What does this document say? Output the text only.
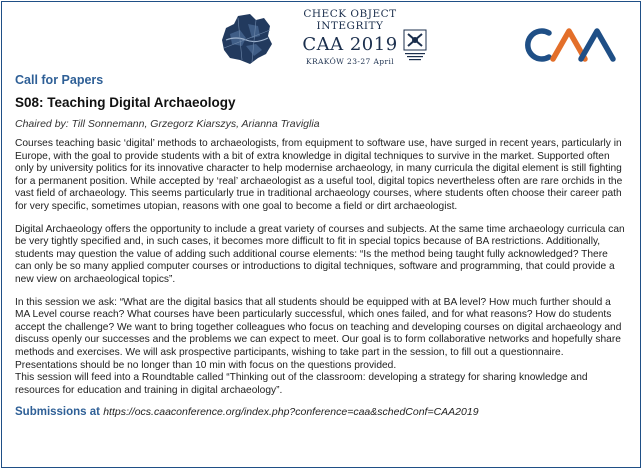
CHECK OBJECT INTEGRITY
CAA 2019
KRAKÓW 23-27 April

Call for Papers

S08: Teaching Digital Archaeology

Chaired by: Till Sonnemann, Grzegorz Kiarszys, Arianna Traviglia

Courses teaching basic ‘digital’ methods to archaeologists, from equipment to software use, have surged in recent years, particularly in Europe, with the goal to provide students with a bit of extra knowledge in digital techniques to survive in the market. Supported often only by university politics for its innovative character to help modernise archaeology, in many curricula the digital element is still fighting for a permanent position. While accepted by ‘real’ archaeologist as a useful tool, digital topics nevertheless often are rare orchids in the vast field of archaeology. This seems particularly true in traditional archaeology courses, where students often choose their career path for very specific, sometimes utopian, reasons with one goal to become a field or dirt archaeologist.

Digital Archaeology offers the opportunity to include a great variety of courses and subjects. At the same time archaeology curricula can be very tightly specified and, in such cases, it becomes more difficult to fit in special topics because of BA restrictions. Additionally, students may question the value of adding such additional course elements: “Is the method being taught fully acknowledged? There can only be so many applied computer courses or introductions to digital techniques, software and programming, that could provide a new view on archaeological topics”.

In this session we ask: “What are the digital basics that all students should be equipped with at BA level? How much further should a MA Level course reach? What courses have been particularly successful, which ones failed, and for what reasons? How do students accept the challenge? We want to bring together colleagues who focus on teaching and developing courses on digital archaeology and discuss openly our successes and the problems we can expect to meet. Our goal is to form collaborative networks and hopefully share methods and exercises. We will ask prospective participants, wishing to take part in the session, to fill out a questionnaire. Presentations should be no longer than 10 min with focus on the questions provided.

This session will feed into a Roundtable called “Thinking out of the classroom: developing a strategy for sharing knowledge and resources for education and training in digital archaeology”.

Submissions at https://ocs.caaconference.org/index.php?conference=caa&schedConf=CAA2019
